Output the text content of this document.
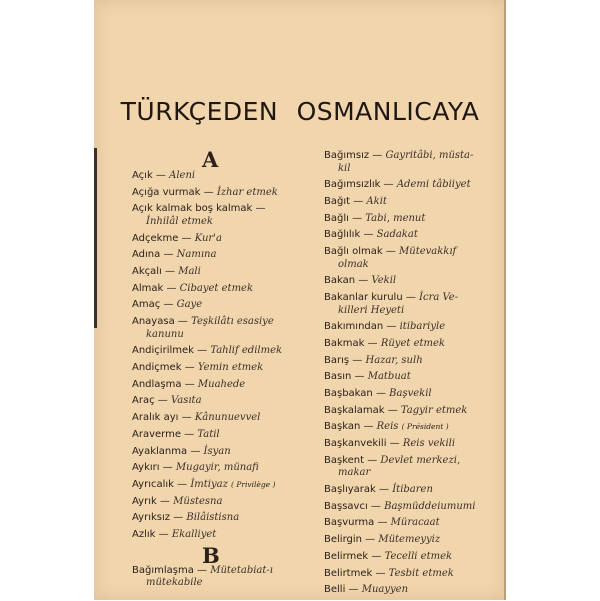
TÜRKÇEDEN OSMANLICAYA
A
Açık — Aleni
Açığa vurmak — İzhar etmek
Açık kalmak boş kalmak —
İnhilâl etmek
Adçekme — Kur'a
Adına — Namına
Akçalı — Mali
Almak — Cibayet etmek
Amaç — Gaye
Anayasa — Teşkilâtı esasiye
kanunu
Andiçirilmek — Tahlif edilmek
Andiçmek — Yemin etmek
Andlaşma — Muahede
Araç — Vasıta
Aralık ayı — Kânunuevvel
Araverme — Tatil
Ayaklanma — İsyan
Aykırı — Mugayir, münafi
Ayrıcalık — İmtiyaz ( Privilège )
Ayrık — Müstesna
Ayrıksız — Bilâistisna
Azlık — Ekalliyet
B
Bağımlaşma — Mütetabiat-ı
mütekabile
Bağımsız — Gayritâbi, müsta-
kil
Bağımsızlık — Ademi tâbiiyet
Bağıt — Akit
Bağlı — Tabi, menut
Bağlılık — Sadakat
Bağlı olmak — Mütevakkıf
olmak
Bakan — Vekil
Bakanlar kurulu — İcra Ve-
killeri Heyeti
Bakımından — itibariyle
Bakmak — Rüyet etmek
Barış — Hazar, sulh
Basın — Matbuat
Başbakan — Başvekil
Başkalamak — Tagyir etmek
Başkan — Reis ( Président )
Başkanvekili — Reis vekili
Başkent — Devlet merkezi,
makar
Başlıyarak — İtibaren
Başsavcı — Başmüddeiumumi
Başvurma — Müracaat
Belirgin — Mütemeyyiz
Belirmek — Tecelli etmek
Belirtmek — Tesbit etmek
Belli — Muayyen
